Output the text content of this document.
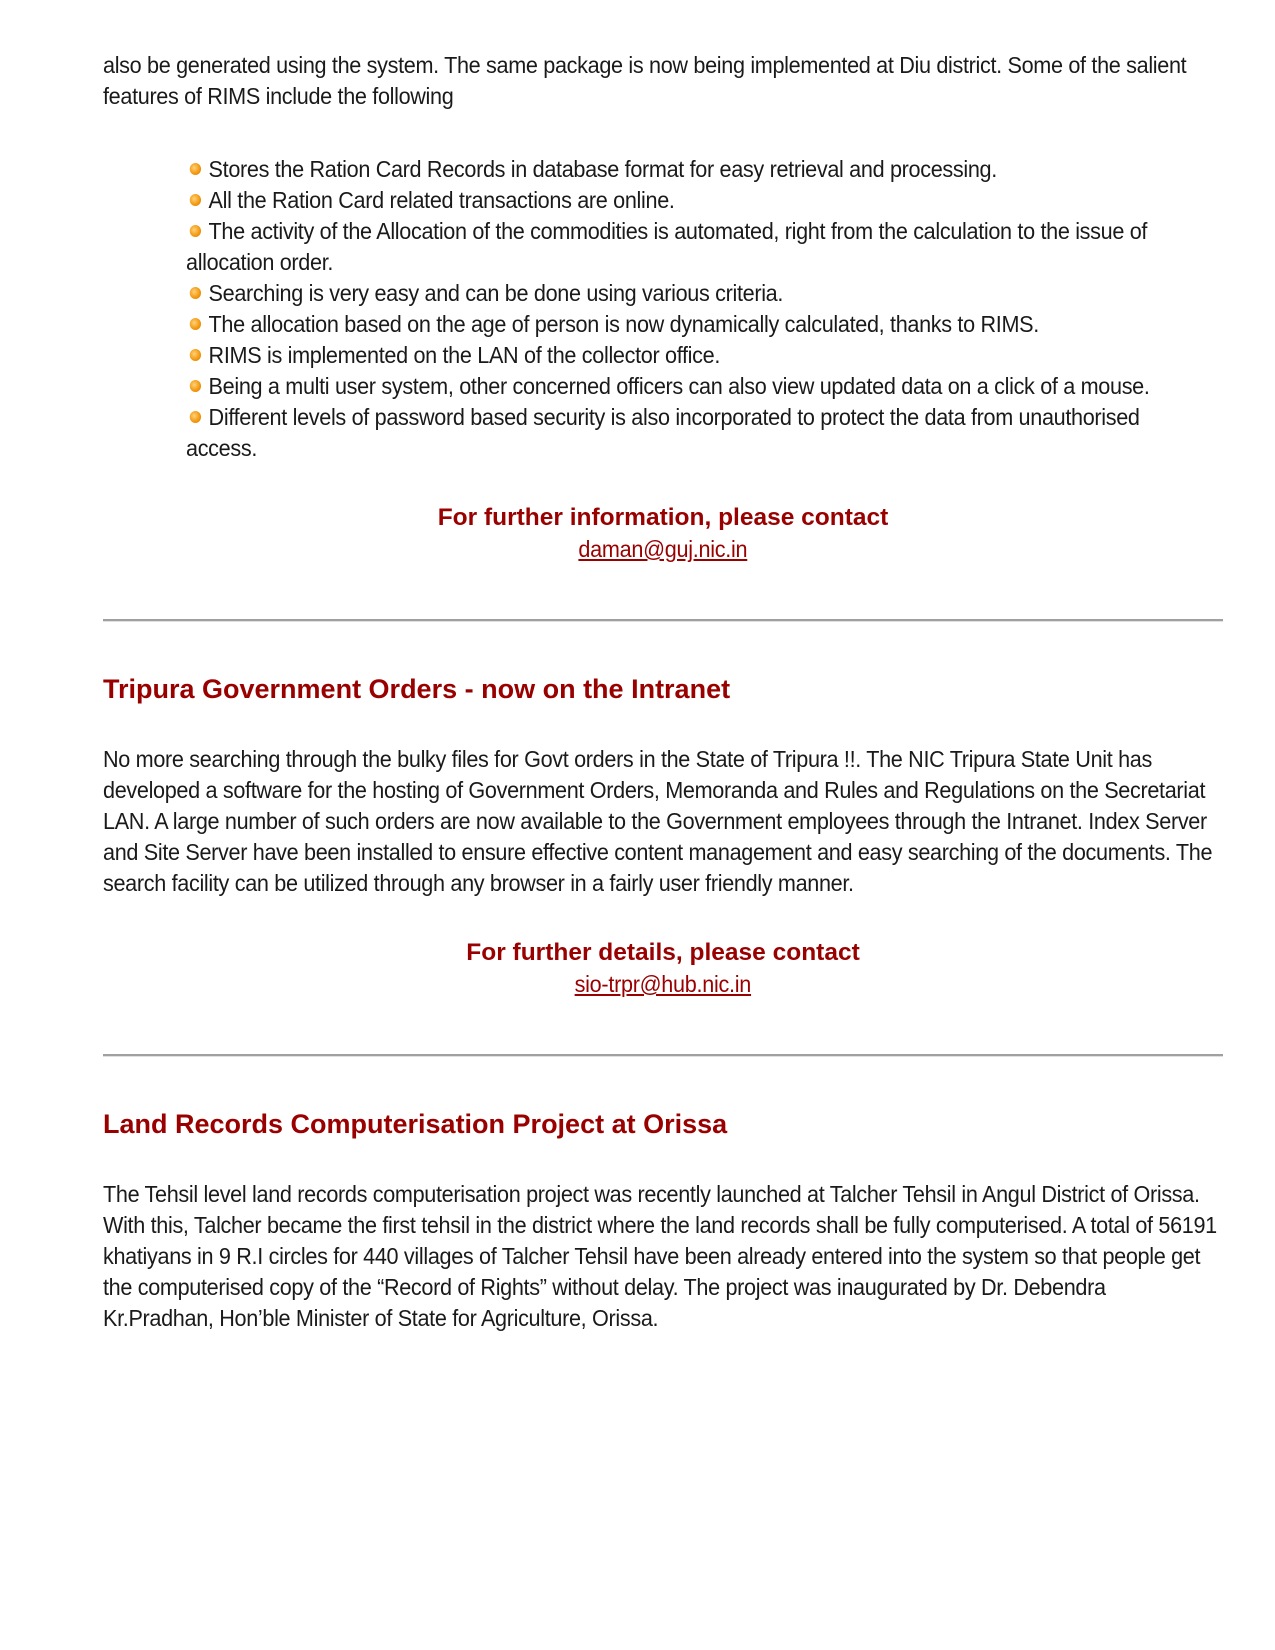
also be generated using the system. The same package is now being implemented at Diu district. Some of the salient features of RIMS include the following

Stores the Ration Card Records in database format for easy retrieval and processing.
All the Ration Card related transactions are online.
The activity of the Allocation of the commodities is automated, right from the calculation to the issue of allocation order.
Searching is very easy and can be done using various criteria.
The allocation based on the age of person is now dynamically calculated, thanks to RIMS.
RIMS is implemented on the LAN of the collector office.
Being a multi user system, other concerned officers can also view updated data on a click of a mouse.
Different levels of password based security is also incorporated to protect the data from unauthorised access.
For further information, please contact
daman@guj.nic.in
Tripura Government Orders - now on the Intranet

No more searching through the bulky files for Govt orders in the State of Tripura !!. The NIC Tripura State Unit has developed a software for the hosting of Government Orders, Memoranda and Rules and Regulations on the Secretariat LAN. A large number of such orders are now available to the Government employees through the Intranet. Index Server and Site Server have been installed to ensure effective content management and easy searching of the documents. The search facility can be utilized through any browser in a fairly user friendly manner.

For further details, please contact
sio-trpr@hub.nic.in
Land Records Computerisation Project at Orissa

The Tehsil level land records computerisation project was recently launched at Talcher Tehsil in Angul District of Orissa. With this, Talcher became the first tehsil in the district where the land records shall be fully computerised. A total of 56191 khatiyans in 9 R.I circles for 440 villages of Talcher Tehsil have been already entered into the system so that people get the computerised copy of the “Record of Rights” without delay. The project was inaugurated by Dr. Debendra Kr.Pradhan, Hon’ble Minister of State for Agriculture, Orissa.
